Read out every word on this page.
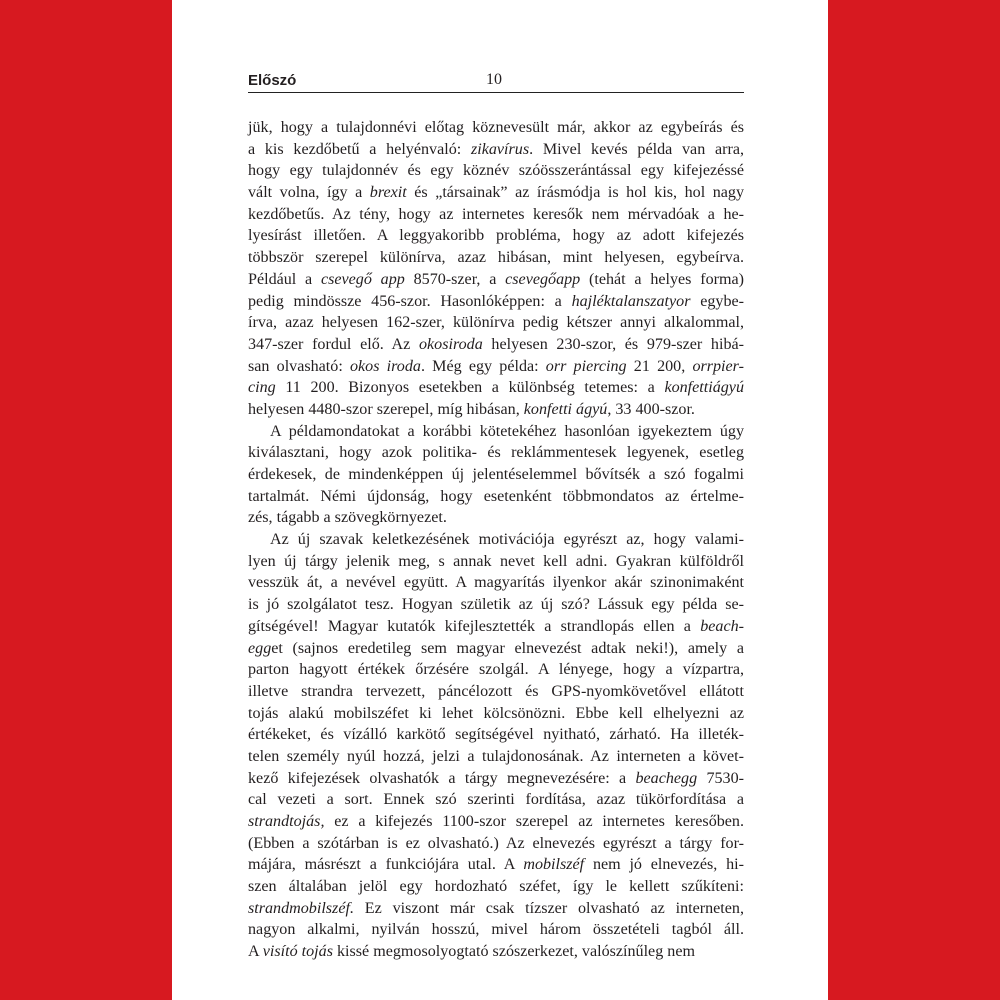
Előszó	10
jük, hogy a tulajdonnévi előtag köznevesült már, akkor az egybeírás és
a kis kezdőbetű a helyénvaló: zikavírus. Mivel kevés példa van arra,
hogy egy tulajdonnév és egy köznév szóösszerántással egy kifejezéssé
vált volna, így a brexit és „társainak” az írásmódja is hol kis, hol nagy
kezdőbetűs. Az tény, hogy az internetes keresők nem mérvadóak a he-
lyesírást illetően. A leggyakoribb probléma, hogy az adott kifejezés
többször szerepel különírva, azaz hibásan, mint helyesen, egybeírva.
Például a csevegő app 8570-szer, a csevegőapp (tehát a helyes forma)
pedig mindössze 456-szor. Hasonlóképpen: a hajléktalanszatyor egybe-
írva, azaz helyesen 162-szer, különírva pedig kétszer annyi alkalommal,
347-szer fordul elő. Az okosiroda helyesen 230-szor, és 979-szer hibá-
san olvasható: okos iroda. Még egy példa: orr piercing 21 200, orrpier-
cing 11 200. Bizonyos esetekben a különbség tetemes: a konfettiágyú
helyesen 4480-szor szerepel, míg hibásan, konfetti ágyú, 33 400-szor.
A példamondatokat a korábbi kötetekéhez hasonlóan igyekeztem úgy
kiválasztani, hogy azok politika- és reklámmentesek legyenek, esetleg
érdekesek, de mindenképpen új jelentéselemmel bővítsék a szó fogalmi
tartalmát. Némi újdonság, hogy esetenként többmondatos az értelme-
zés, tágabb a szövegkörnyezet.
Az új szavak keletkezésének motivációja egyrészt az, hogy valami-
lyen új tárgy jelenik meg, s annak nevet kell adni. Gyakran külföldről
vesszük át, a nevével együtt. A magyarítás ilyenkor akár szinonimaként
is jó szolgálatot tesz. Hogyan születik az új szó? Lássuk egy példa se-
gítségével! Magyar kutatók kifejlesztették a strandlopás ellen a beach-
egget (sajnos eredetileg sem magyar elnevezést adtak neki!), amely a
parton hagyott értékek őrzésére szolgál. A lényege, hogy a vízpartra,
illetve strandra tervezett, páncélozott és GPS-nyomkövetővel ellátott
tojás alakú mobilszéfet ki lehet kölcsönözni. Ebbe kell elhelyezni az
értékeket, és vízálló karkötő segítségével nyitható, zárható. Ha illeték-
telen személy nyúl hozzá, jelzi a tulajdonosának. Az interneten a követ-
kező kifejezések olvashatók a tárgy megnevezésére: a beachegg 7530-
cal vezeti a sort. Ennek szó szerinti fordítása, azaz tükörfordítása a
strandtojás, ez a kifejezés 1100-szor szerepel az internetes keresőben.
(Ebben a szótárban is ez olvasható.) Az elnevezés egyrészt a tárgy for-
májára, másrészt a funkciójára utal. A mobilszéf nem jó elnevezés, hi-
szen általában jelöl egy hordozható széfet, így le kellett szűkíteni:
strandmobilszéf. Ez viszont már csak tízszer olvasható az interneten,
nagyon alkalmi, nyilván hosszú, mivel három összetételi tagból áll.
A visító tojás kissé megmosolyogtató szószerkezet, valószínűleg nem
